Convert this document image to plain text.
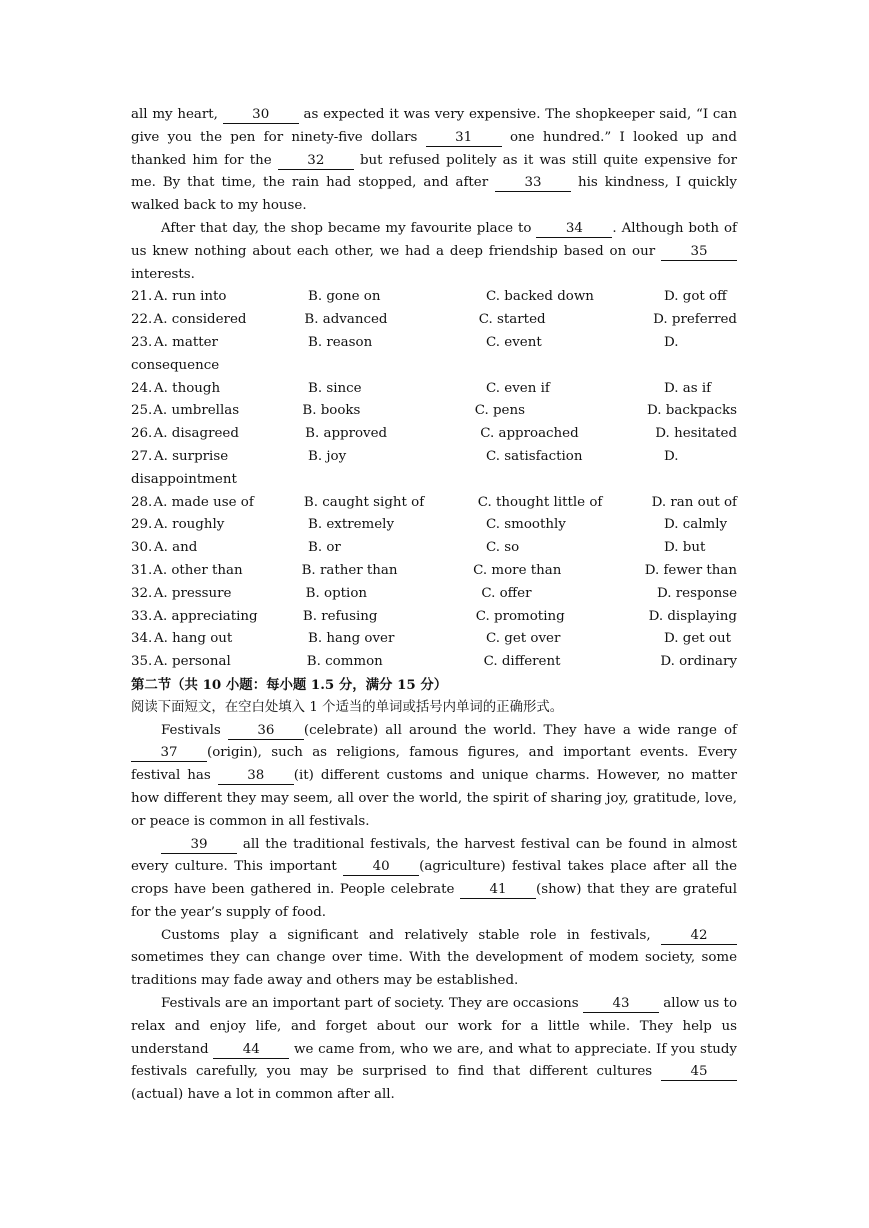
all my heart, 30 as expected it was very expensive. The shopkeeper said, “I can give you the pen for ninety-five dollars 31 one hundred.” I looked up and thanked him for the 32 but refused politely as it was still quite expensive for me. By that time, the rain had stopped, and after 33 his kindness, I quickly walked back to my house.

After that day, the shop became my favourite place to 34 . Although both of us knew nothing about each other, we had a deep friendship based on our 35 interests.

21. A. run into	B. gone on	C. backed down	D. got off
22. A. considered	B. advanced	C. started	D. preferred
23. A. matter	B. reason	C. event	D.
consequence
24. A. though	B. since	C. even if	D. as if
25. A. umbrellas	B. books	C. pens	D. backpacks
26. A. disagreed	B. approved	C. approached	D. hesitated
27. A. surprise	B. joy	C. satisfaction	D.
disappointment
28. A. made use of	B. caught sight of	C. thought little of	D. ran out of
29. A. roughly	B. extremely	C. smoothly	D. calmly
30. A. and	B. or	C. so	D. but
31. A. other than	B. rather than	C. more than	D. fewer than
32. A. pressure	B. option	C. offer	D. response
33. A. appreciating	B. refusing	C. promoting	D. displaying
34. A. hang out	B. hang over	C. get over	D. get out
35. A. personal	B. common	C. different	D. ordinary

第二节（共 10 小题：每小题 1.5 分，满分 15 分）

阅读下面短文，在空白处填入 1 个适当的单词或括号内单词的正确形式。

Festivals 36 (celebrate) all around the world. They have a wide range of 37 (origin), such as religions, famous figures, and important events. Every festival has 38 (it) different customs and unique charms. However, no matter how different they may seem, all over the world, the spirit of sharing joy, gratitude, love, or peace is common in all festivals.

39 all the traditional festivals, the harvest festival can be found in almost every culture. This important 40 (agriculture) festival takes place after all the crops have been gathered in. People celebrate 41 (show) that they are grateful for the year’s supply of food.

Customs play a significant and relatively stable role in festivals, 42 sometimes they can change over time. With the development of modem society, some traditions may fade away and others may be established.

Festivals are an important part of society. They are occasions 43 allow us to relax and enjoy life, and forget about our work for a little while. They help us understand 44 we came from, who we are, and what to appreciate. If you study festivals carefully, you may be surprised to find that different cultures 45(actual) have a lot in common after all.
